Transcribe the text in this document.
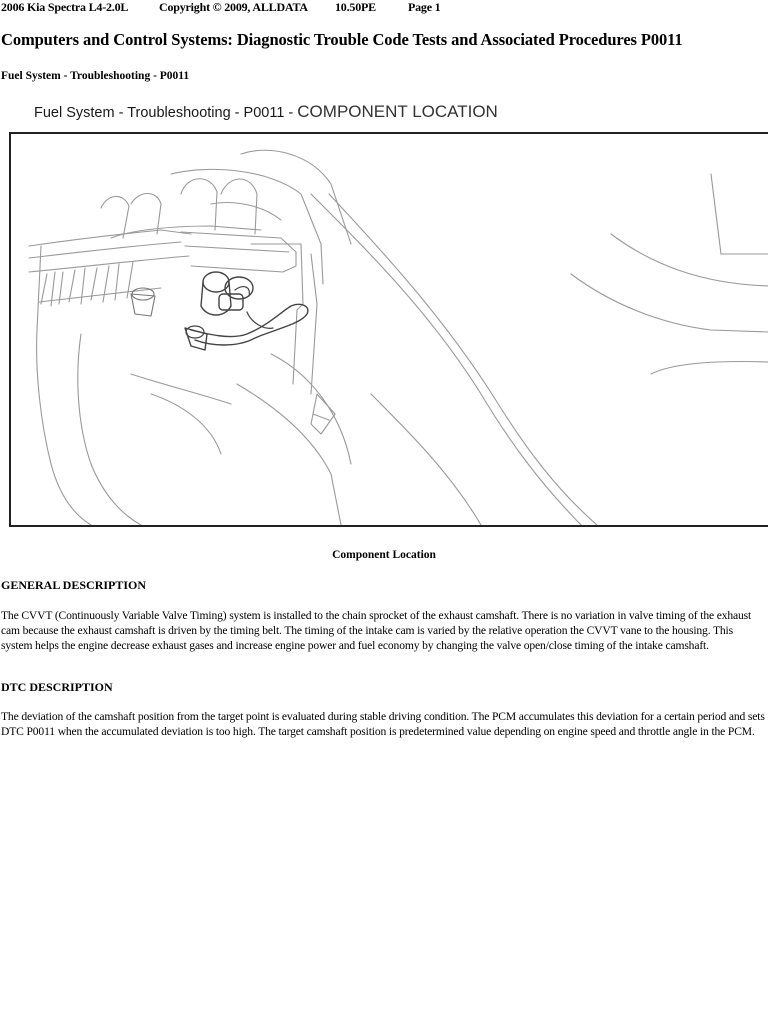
2006 Kia Spectra L4-2.0L	Copyright © 2009, ALLDATA 10.50PE	Page 1
Computers and Control Systems: Diagnostic Trouble Code Tests and Associated Procedures P0011
Fuel System - Troubleshooting - P0011
Fuel System - Troubleshooting - P0011 - COMPONENT LOCATION
Component Location
GENERAL DESCRIPTION
The CVVT (Continuously Variable Valve Timing) system is installed to the chain sprocket of the exhaust camshaft. There is no variation in valve timing of the exhaust cam because the exhaust camshaft is driven by the timing belt. The timing of the intake cam is varied by the relative operation the CVVT vane to the housing. This system helps the engine decrease exhaust gases and increase engine power and fuel economy by changing the valve open/close timing of the intake camshaft.
DTC DESCRIPTION
The deviation of the camshaft position from the target point is evaluated during stable driving condition. The PCM accumulates this deviation for a certain period and sets DTC P0011 when the accumulated deviation is too high. The target camshaft position is predetermined value depending on engine speed and throttle angle in the PCM.
